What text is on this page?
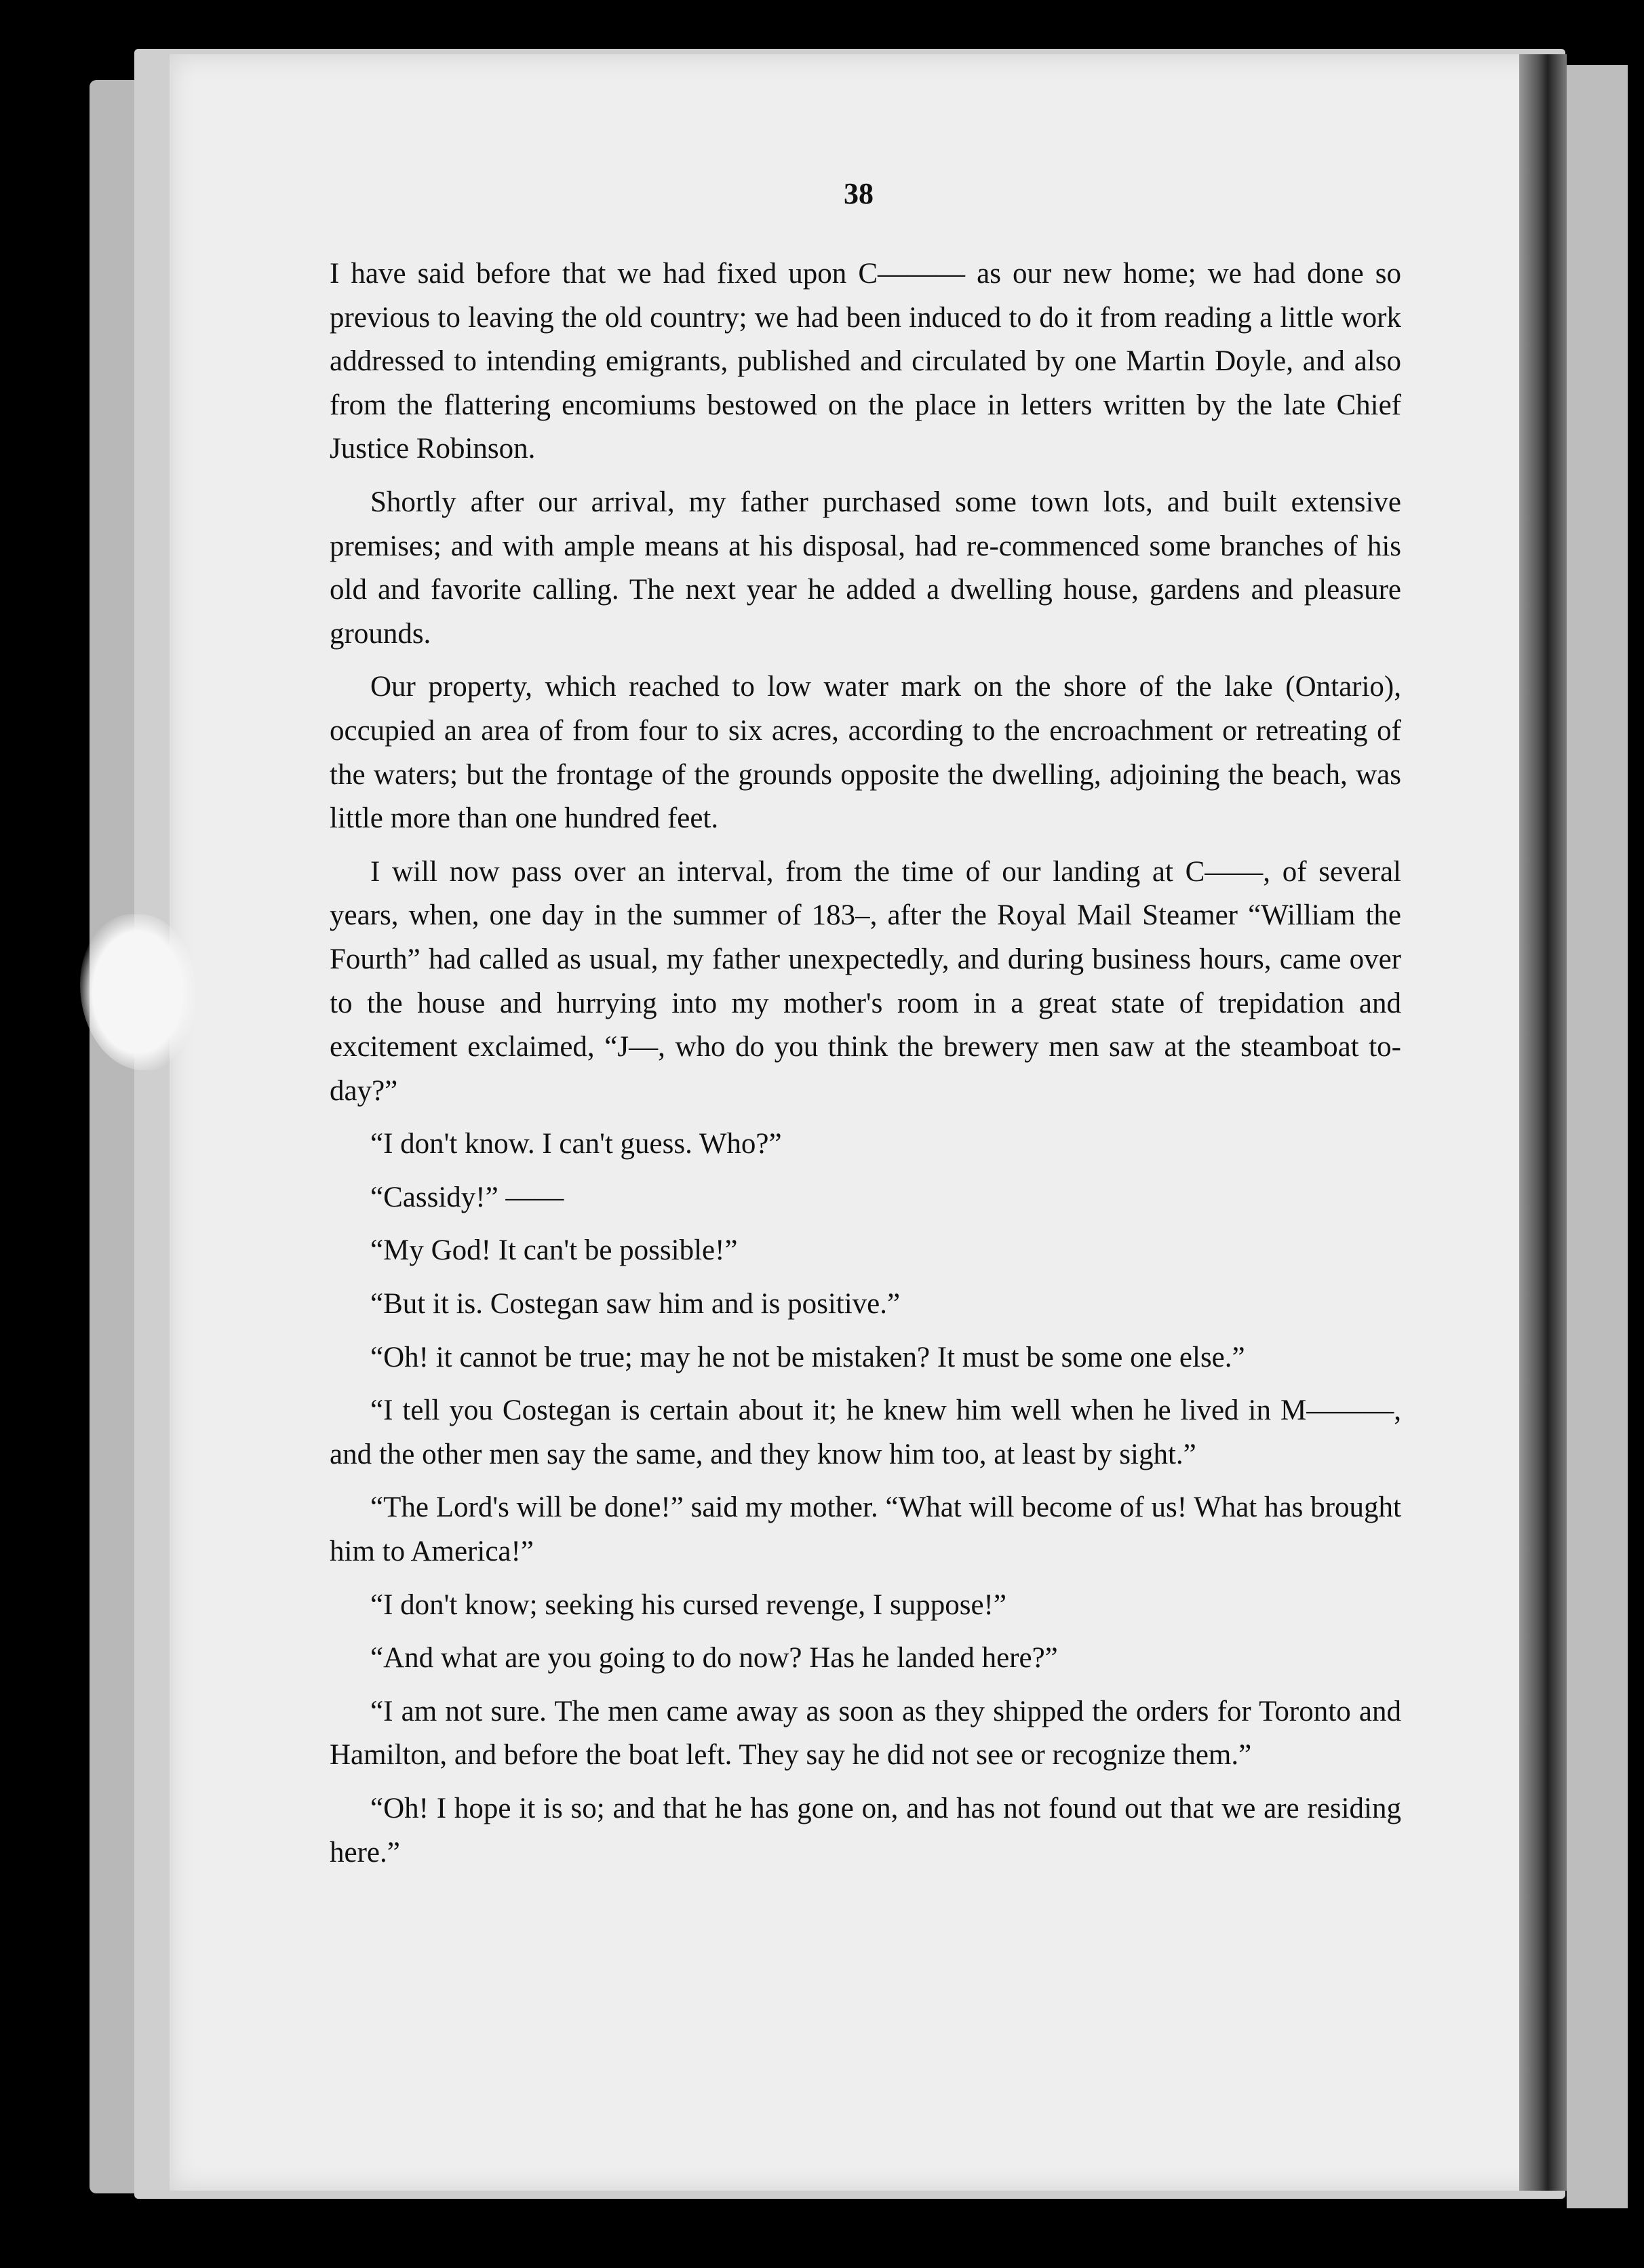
38

I have said before that we had fixed upon C——— as our new home; we had done so previous to leaving the old country; we had been induced to do it from reading a little work addressed to intending emigrants, published and circulated by one Martin Doyle, and also from the flattering encomiums bestowed on the place in letters written by the late Chief Justice Robinson.

Shortly after our arrival, my father purchased some town lots, and built extensive premises; and with ample means at his disposal, had re-commenced some branches of his old and favorite calling. The next year he added a dwelling house, gardens and pleasure grounds.

Our property, which reached to low water mark on the shore of the lake (Ontario), occupied an area of from four to six acres, according to the encroachment or retreating of the waters; but the frontage of the grounds opposite the dwelling, adjoining the beach, was little more than one hundred feet.

I will now pass over an interval, from the time of our landing at C——, of several years, when, one day in the summer of 183–, after the Royal Mail Steamer “William the Fourth” had called as usual, my father unexpectedly, and during business hours, came over to the house and hurrying into my mother's room in a great state of trepidation and excitement exclaimed, “J—, who do you think the brewery men saw at the steamboat to-day?”

“I don't know. I can't guess. Who?”

“Cassidy!” ——

“My God! It can't be possible!”

“But it is. Costegan saw him and is positive.”

“Oh! it cannot be true; may he not be mistaken? It must be some one else.”

“I tell you Costegan is certain about it; he knew him well when he lived in M———, and the other men say the same, and they know him too, at least by sight.”

“The Lord's will be done!” said my mother. “What will become of us! What has brought him to America!”

“I don't know; seeking his cursed revenge, I suppose!”

“And what are you going to do now? Has he landed here?”

“I am not sure. The men came away as soon as they shipped the orders for Toronto and Hamilton, and before the boat left. They say he did not see or recognize them.”

“Oh! I hope it is so; and that he has gone on, and has not found out that we are residing here.”
